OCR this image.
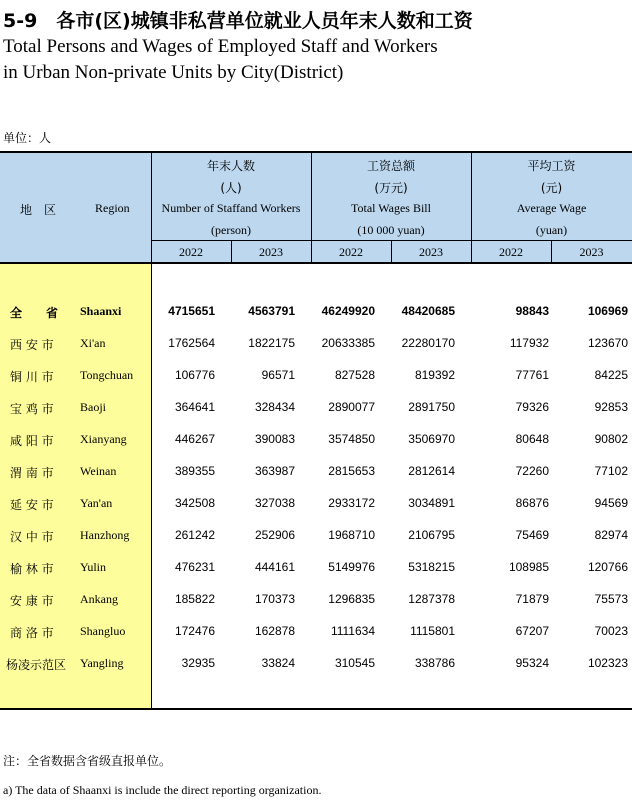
5-9　各市(区)城镇非私营单位就业人员年末人数和工资
Total Persons and Wages of Employed Staff and Workers
in Urban Non-private Units by City(District)
单位：人
地　区	Region
年末人数
(人)
Number of Staffand Workers
(person)
工资总额
(万元)
Total Wages Bill
(10 000 yuan)
平均工资
(元)
Average Wage
(yuan)
2022	2023	2022	2023	2022	2023
全　　省	Shaanxi	4715651	4563791	46249920	48420685	98843	106969
西 安 市	Xi'an	1762564	1822175	20633385	22280170	117932	123670
铜 川 市	Tongchuan	106776	96571	827528	819392	77761	84225
宝 鸡 市	Baoji	364641	328434	2890077	2891750	79326	92853
咸 阳 市	Xianyang	446267	390083	3574850	3506970	80648	90802
渭 南 市	Weinan	389355	363987	2815653	2812614	72260	77102
延 安 市	Yan'an	342508	327038	2933172	3034891	86876	94569
汉 中 市	Hanzhong	261242	252906	1968710	2106795	75469	82974
榆 林 市	Yulin	476231	444161	5149976	5318215	108985	120766
安 康 市	Ankang	185822	170373	1296835	1287378	71879	75573
商 洛 市	Shangluo	172476	162878	1111634	1115801	67207	70023
杨凌示范区 Yangling	32935	33824	310545	338786	95324	102323
注：全省数据含省级直报单位。
a) The data of Shaanxi is include the direct reporting organization.
